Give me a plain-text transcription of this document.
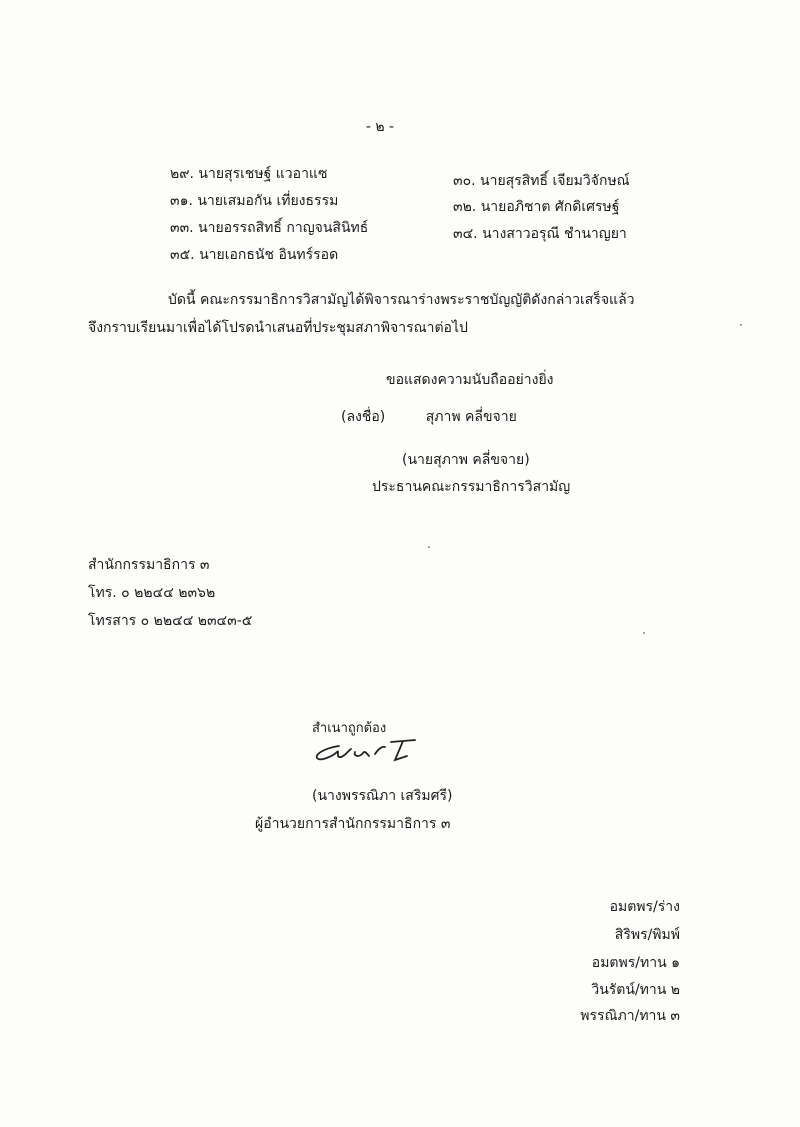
- ๒ -
๒๙. นายสุรเชษฐ์ แวอาแซ	๓๐. นายสุรสิทธิ์ เจียมวิจักษณ์
๓๑. นายเสมอกัน เที่ยงธรรม	๓๒. นายอภิชาต ศักดิเศรษฐ์
๓๓. นายอรรถสิทธิ์ กาญจนสินิทธ์	๓๔. นางสาวอรุณี ชำนาญยา
๓๕. นายเอกธนัช อินทร์รอด
บัดนี้ คณะกรรมาธิการวิสามัญได้พิจารณาร่างพระราชบัญญัติดังกล่าวเสร็จแล้ว
จึงกราบเรียนมาเพื่อได้โปรดนำเสนอที่ประชุมสภาพิจารณาต่อไป
ขอแสดงความนับถืออย่างยิ่ง
(ลงชื่อ)	สุภาพ คลี่ขจาย
(นายสุภาพ คลี่ขจาย)
ประธานคณะกรรมาธิการวิสามัญ
สำนักกรรมาธิการ ๓
โทร. ๐ ๒๒๔๔ ๒๓๖๒
โทรสาร ๐ ๒๒๔๔ ๒๓๔๓-๕
สำเนาถูกต้อง
(นางพรรณิภา เสริมศรี)
ผู้อำนวยการสำนักกรรมาธิการ ๓
อมตพร/ร่าง
สิริพร/พิมพ์
อมตพร/ทาน ๑
วินรัตน์/ทาน ๒
พรรณิภา/ทาน ๓
